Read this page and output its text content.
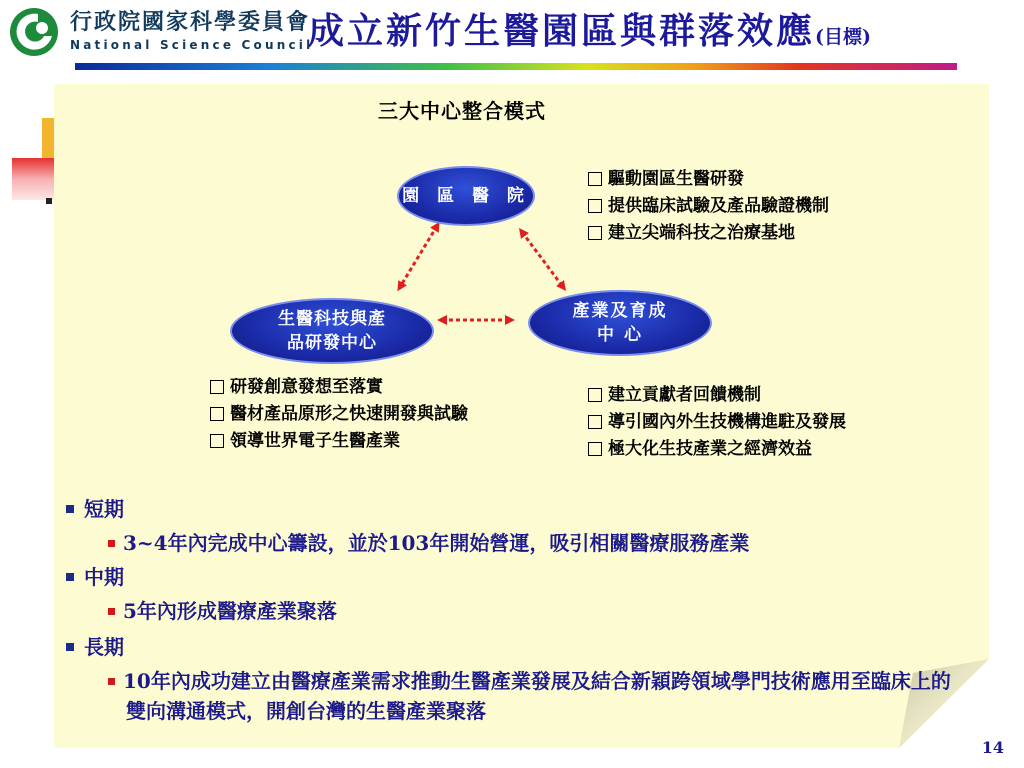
行政院國家科學委員會
National Science Council
成立新竹生醫園區與群落效應(目標)
三大中心整合模式
園 區 醫 院
生醫科技與產
品研發中心
產業及育成
中 心
驅動園區生醫研發
提供臨床試驗及產品驗證機制
建立尖端科技之治療基地
研發創意發想至落實
醫材產品原形之快速開發與試驗
領導世界電子生醫產業
建立貢獻者回饋機制
導引國內外生技機構進駐及發展
極大化生技產業之經濟效益
短期
3~4年內完成中心籌設，並於103年開始營運，吸引相關醫療服務產業
中期
5年內形成醫療產業聚落
長期
10年內成功建立由醫療產業需求推動生醫產業發展及結合新穎跨領域學門技術應用至臨床上的雙向溝通模式，開創台灣的生醫產業聚落
14
